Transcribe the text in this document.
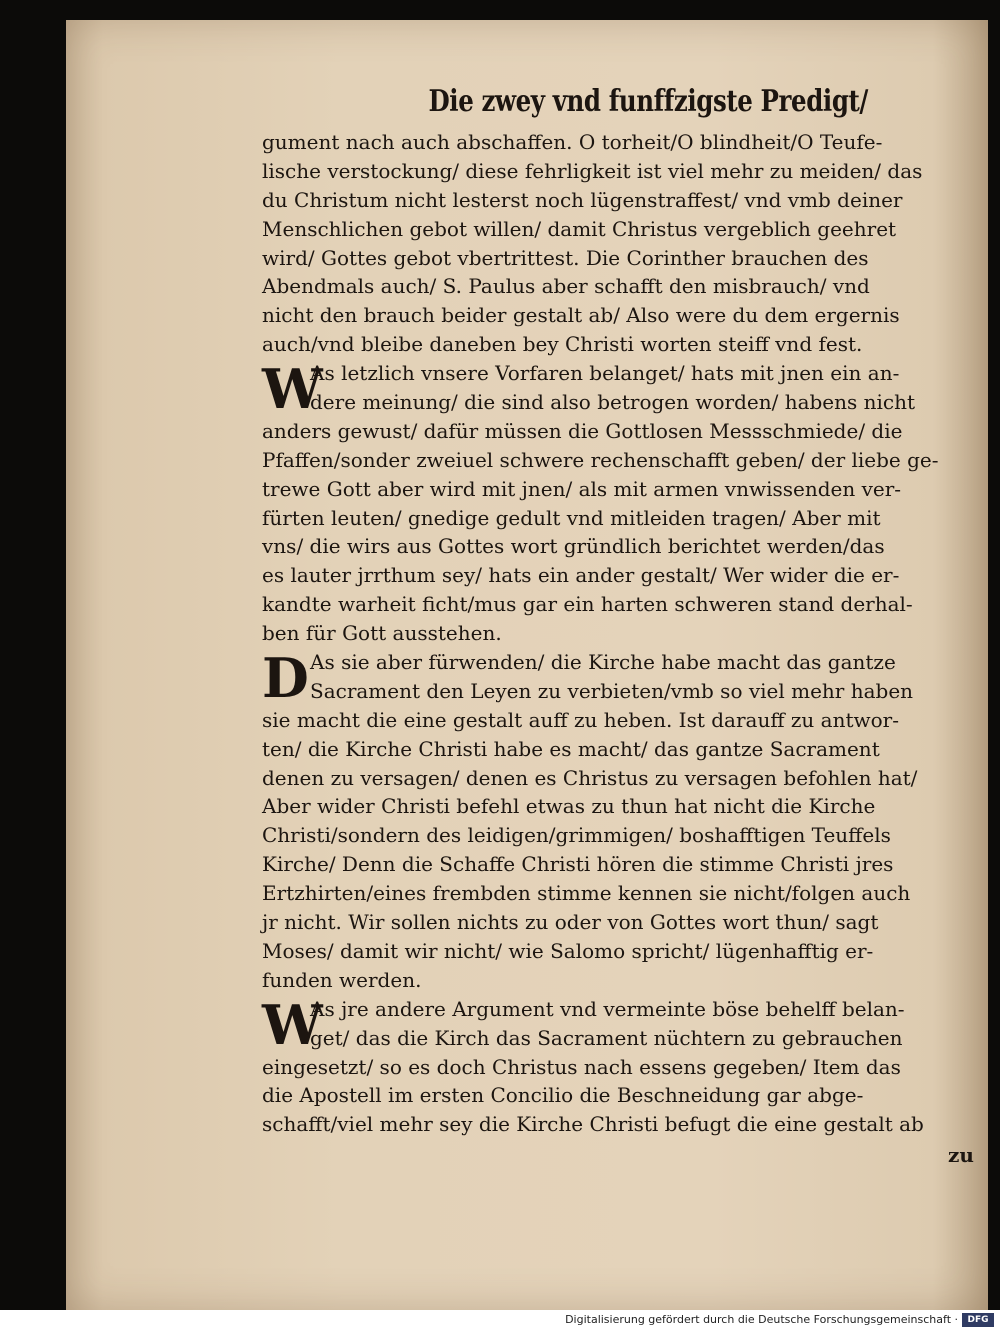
Die zwey vnd funffzigste Predigt/
gument nach auch abschaffen. O torheit/O blindheit/O Teufe-
lische verstockung/ diese fehrligkeit ist viel mehr zu meiden/ das
du Christum nicht lesterst noch lügenstraffest/ vnd vmb deiner
Menschlichen gebot willen/ damit Christus vergeblich geehret
wird/ Gottes gebot vbertrittest. Die Corinther brauchen des
Abendmals auch/ S. Paulus aber schafft den misbrauch/ vnd
nicht den brauch beider gestalt ab/ Also were du dem ergernis
auch/vnd bleibe daneben bey Christi worten steiff vnd fest.
W
As letzlich vnsere Vorfaren belanget/ hats mit jnen ein an-
dere meinung/ die sind also betrogen worden/ habens nicht
anders gewust/ dafür müssen die Gottlosen Messschmiede/ die
Pfaffen/sonder zweiuel schwere rechenschafft geben/ der liebe ge-
trewe Gott aber wird mit jnen/ als mit armen vnwissenden ver-
fürten leuten/ gnedige gedult vnd mitleiden tragen/ Aber mit
vns/ die wirs aus Gottes wort gründlich berichtet werden/das
es lauter jrrthum sey/ hats ein ander gestalt/ Wer wider die er-
kandte warheit ficht/mus gar ein harten schweren stand derhal-
ben für Gott ausstehen.
D As sie aber fürwenden/ die Kirche habe macht das gantze
Sacrament den Leyen zu verbieten/vmb so viel mehr haben
sie macht die eine gestalt auff zu heben. Ist darauff zu antwor-
ten/ die Kirche Christi habe es macht/ das gantze Sacrament
denen zu versagen/ denen es Christus zu versagen befohlen hat/
Aber wider Christi befehl etwas zu thun hat nicht die Kirche
Christi/sondern des leidigen/grimmigen/ boshafftigen Teuffels
Kirche/ Denn die Schaffe Christi hören die stimme Christi jres
Ertzhirten/eines frembden stimme kennen sie nicht/folgen auch
jr nicht. Wir sollen nichts zu oder von Gottes wort thun/ sagt
Moses/ damit wir nicht/ wie Salomo spricht/ lügenhafftig er-
funden werden.
W
As jre andere Argument vnd vermeinte böse behelff belan-
get/ das die Kirch das Sacrament nüchtern zu gebrauchen
eingesetzt/ so es doch Christus nach essens gegeben/ Item das
die Apostell im ersten Concilio die Beschneidung gar abge-
schafft/viel mehr sey die Kirche Christi befugt die eine gestalt ab
zu
Digitalisierung gefördert durch die Deutsche Forschungsgemeinschaft ·	DFG
